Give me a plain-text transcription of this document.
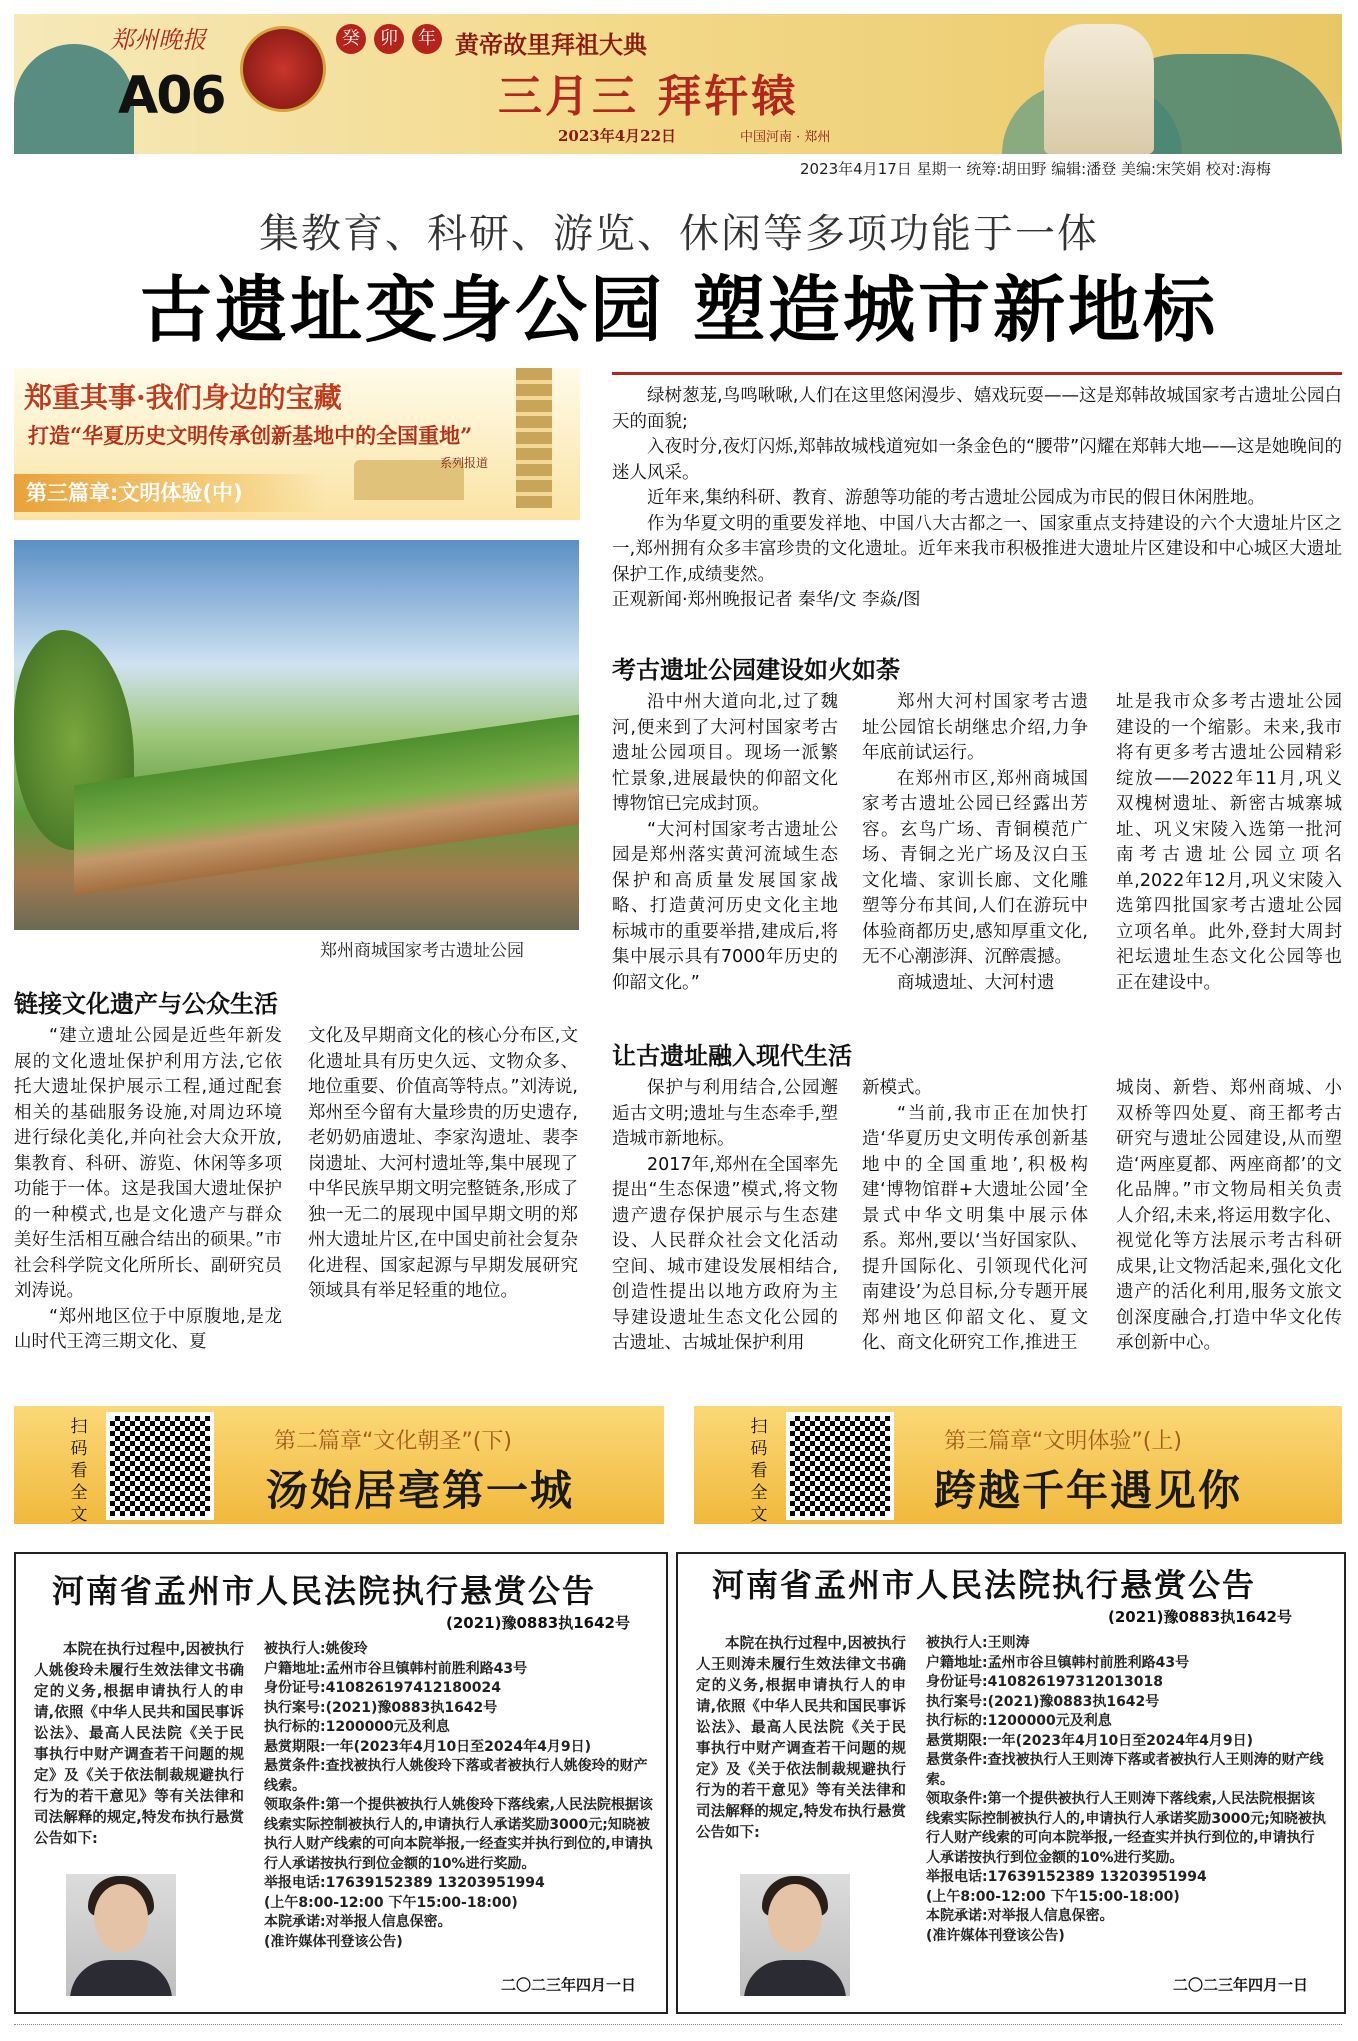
郑州晚报
A06
癸	卯	年 黄帝故里拜祖大典
三月三 拜轩辕
2023年4月22日	中国河南 · 郑州
2023年4月17日 星期一 统筹:胡田野 编辑:潘登 美编:宋笑娟 校对:海梅
集教育、科研、游览、休闲等多项功能于一体
古遗址变身公园 塑造城市新地标
郑重其事·我们身边的宝藏
打造“华夏历史文明传承创新基地中的全国重地”
系列报道
第三篇章:文明体验(中)

绿树葱茏,鸟鸣啾啾,人们在这里悠闲漫步、嬉戏玩耍——这是郑韩故城国家考古遗址公园白天的面貌;

入夜时分,夜灯闪烁,郑韩故城栈道宛如一条金色的“腰带”闪耀在郑韩大地——这是她晚间的迷人风采。

近年来,集纳科研、教育、游憩等功能的考古遗址公园成为市民的假日休闲胜地。

作为华夏文明的重要发祥地、中国八大古都之一、国家重点支持建设的六个大遗址片区之一,郑州拥有众多丰富珍贵的文化遗址。近年来我市积极推进大遗址片区建设和中心城区大遗址保护工作,成绩斐然。

正观新闻·郑州晚报记者 秦华/文 李焱/图
郑州商城国家考古遗址公园
考古遗址公园建设如火如荼

沿中州大道向北,过了魏河,便来到了大河村国家考古遗址公园项目。现场一派繁忙景象,进展最快的仰韶文化博物馆已完成封顶。

“大河村国家考古遗址公园是郑州落实黄河流域生态保护和高质量发展国家战略、打造黄河历史文化主地标城市的重要举措,建成后,将集中展示具有7000年历史的仰韶文化。”

郑州大河村国家考古遗址公园馆长胡继忠介绍,力争年底前试运行。

在郑州市区,郑州商城国家考古遗址公园已经露出芳容。玄鸟广场、青铜模范广场、青铜之光广场及汉白玉文化墙、家训长廊、文化雕塑等分布其间,人们在游玩中体验商都历史,感知厚重文化,无不心潮澎湃、沉醉震撼。

商城遗址、大河村遗

址是我市众多考古遗址公园建设的一个缩影。未来,我市将有更多考古遗址公园精彩绽放——2022年11月,巩义双槐树遗址、新密古城寨城址、巩义宋陵入选第一批河南考古遗址公园立项名单,2022年12月,巩义宋陵入选第四批国家考古遗址公园立项名单。此外,登封大周封祀坛遗址生态文化公园等也正在建设中。
链接文化遗产与公众生活

“建立遗址公园是近些年新发展的文化遗址保护利用方法,它依托大遗址保护展示工程,通过配套相关的基础服务设施,对周边环境进行绿化美化,并向社会大众开放,集教育、科研、游览、休闲等多项功能于一体。这是我国大遗址保护的一种模式,也是文化遗产与群众美好生活相互融合结出的硕果。”市社会科学院文化所所长、副研究员刘涛说。

“郑州地区位于中原腹地,是龙山时代王湾三期文化、夏

文化及早期商文化的核心分布区,文化遗址具有历史久远、文物众多、地位重要、价值高等特点。”刘涛说,郑州至今留有大量珍贵的历史遗存,老奶奶庙遗址、李家沟遗址、裴李岗遗址、大河村遗址等,集中展现了中华民族早期文明完整链条,形成了独一无二的展现中国早期文明的郑州大遗址片区,在中国史前社会复杂化进程、国家起源与早期发展研究领域具有举足轻重的地位。
让古遗址融入现代生活

保护与利用结合,公园邂逅古文明;遗址与生态牵手,塑造城市新地标。

2017年,郑州在全国率先提出“生态保遗”模式,将文物遗产遗存保护展示与生态建设、人民群众社会文化活动空间、城市建设发展相结合,创造性提出以地方政府为主导建设遗址生态文化公园的古遗址、古城址保护利用

新模式。

“当前,我市正在加快打造‘华夏历史文明传承创新基地中的全国重地’,积极构建‘博物馆群+大遗址公园’全景式中华文明集中展示体系。郑州,要以‘当好国家队、提升国际化、引领现代化河南建设’为总目标,分专题开展郑州地区仰韶文化、夏文化、商文化研究工作,推进王

城岗、新砦、郑州商城、小双桥等四处夏、商王都考古研究与遗址公园建设,从而塑造‘两座夏都、两座商都’的文化品牌。”市文物局相关负责人介绍,未来,将运用数字化、视觉化等方法展示考古科研成果,让文物活起来,强化文化遗产的活化利用,服务文旅文创深度融合,打造中华文化传承创新中心。
扫码看全文
第二篇章“文化朝圣”(下)
汤始居亳第一城
扫码看全文
第三篇章“文明体验”(上)
跨越千年遇见你
河南省孟州市人民法院执行悬赏公告
(2021)豫0883执1642号

本院在执行过程中,因被执行人姚俊玲未履行生效法律文书确定的义务,根据申请执行人的申请,依照《中华人民共和国民事诉讼法》、最高人民法院《关于民事执行中财产调查若干问题的规定》及《关于依法制裁规避执行行为的若干意见》等有关法律和司法解释的规定,特发布执行悬赏公告如下:

被执行人:姚俊玲
户籍地址:孟州市谷旦镇韩村前胜利路43号
身份证号:410826197412180024
执行案号:(2021)豫0883执1642号
执行标的:1200000元及利息
悬赏期限:一年(2023年4月10日至2024年4月9日)
悬赏条件:查找被执行人姚俊玲下落或者被执行人姚俊玲的财产线索。
领取条件:第一个提供被执行人姚俊玲下落线索,人民法院根据该线索实际控制被执行人的,申请执行人承诺奖励3000元;知晓被执行人财产线索的可向本院举报,一经查实并执行到位的,申请执行人承诺按执行到位金额的10%进行奖励。
举报电话:17639152389 13203951994
(上午8:00-12:00 下午15:00-18:00)
本院承诺:对举报人信息保密。
(准许媒体刊登该公告)
二〇二三年四月一日
河南省孟州市人民法院执行悬赏公告
(2021)豫0883执1642号

本院在执行过程中,因被执行人王则涛未履行生效法律文书确定的义务,根据申请执行人的申请,依照《中华人民共和国民事诉讼法》、最高人民法院《关于民事执行中财产调查若干问题的规定》及《关于依法制裁规避执行行为的若干意见》等有关法律和司法解释的规定,特发布执行悬赏公告如下:

被执行人:王则涛
户籍地址:孟州市谷旦镇韩村前胜利路43号
身份证号:410826197312013018
执行案号:(2021)豫0883执1642号
执行标的:1200000元及利息
悬赏期限:一年(2023年4月10日至2024年4月9日)
悬赏条件:查找被执行人王则涛下落或者被执行人王则涛的财产线索。
领取条件:第一个提供被执行人王则涛下落线索,人民法院根据该线索实际控制被执行人的,申请执行人承诺奖励3000元;知晓被执行人财产线索的可向本院举报,一经查实并执行到位的,申请执行人承诺按执行到位金额的10%进行奖励。
举报电话:17639152389 13203951994
(上午8:00-12:00 下午15:00-18:00)
本院承诺:对举报人信息保密。
(准许媒体刊登该公告)
二〇二三年四月一日
